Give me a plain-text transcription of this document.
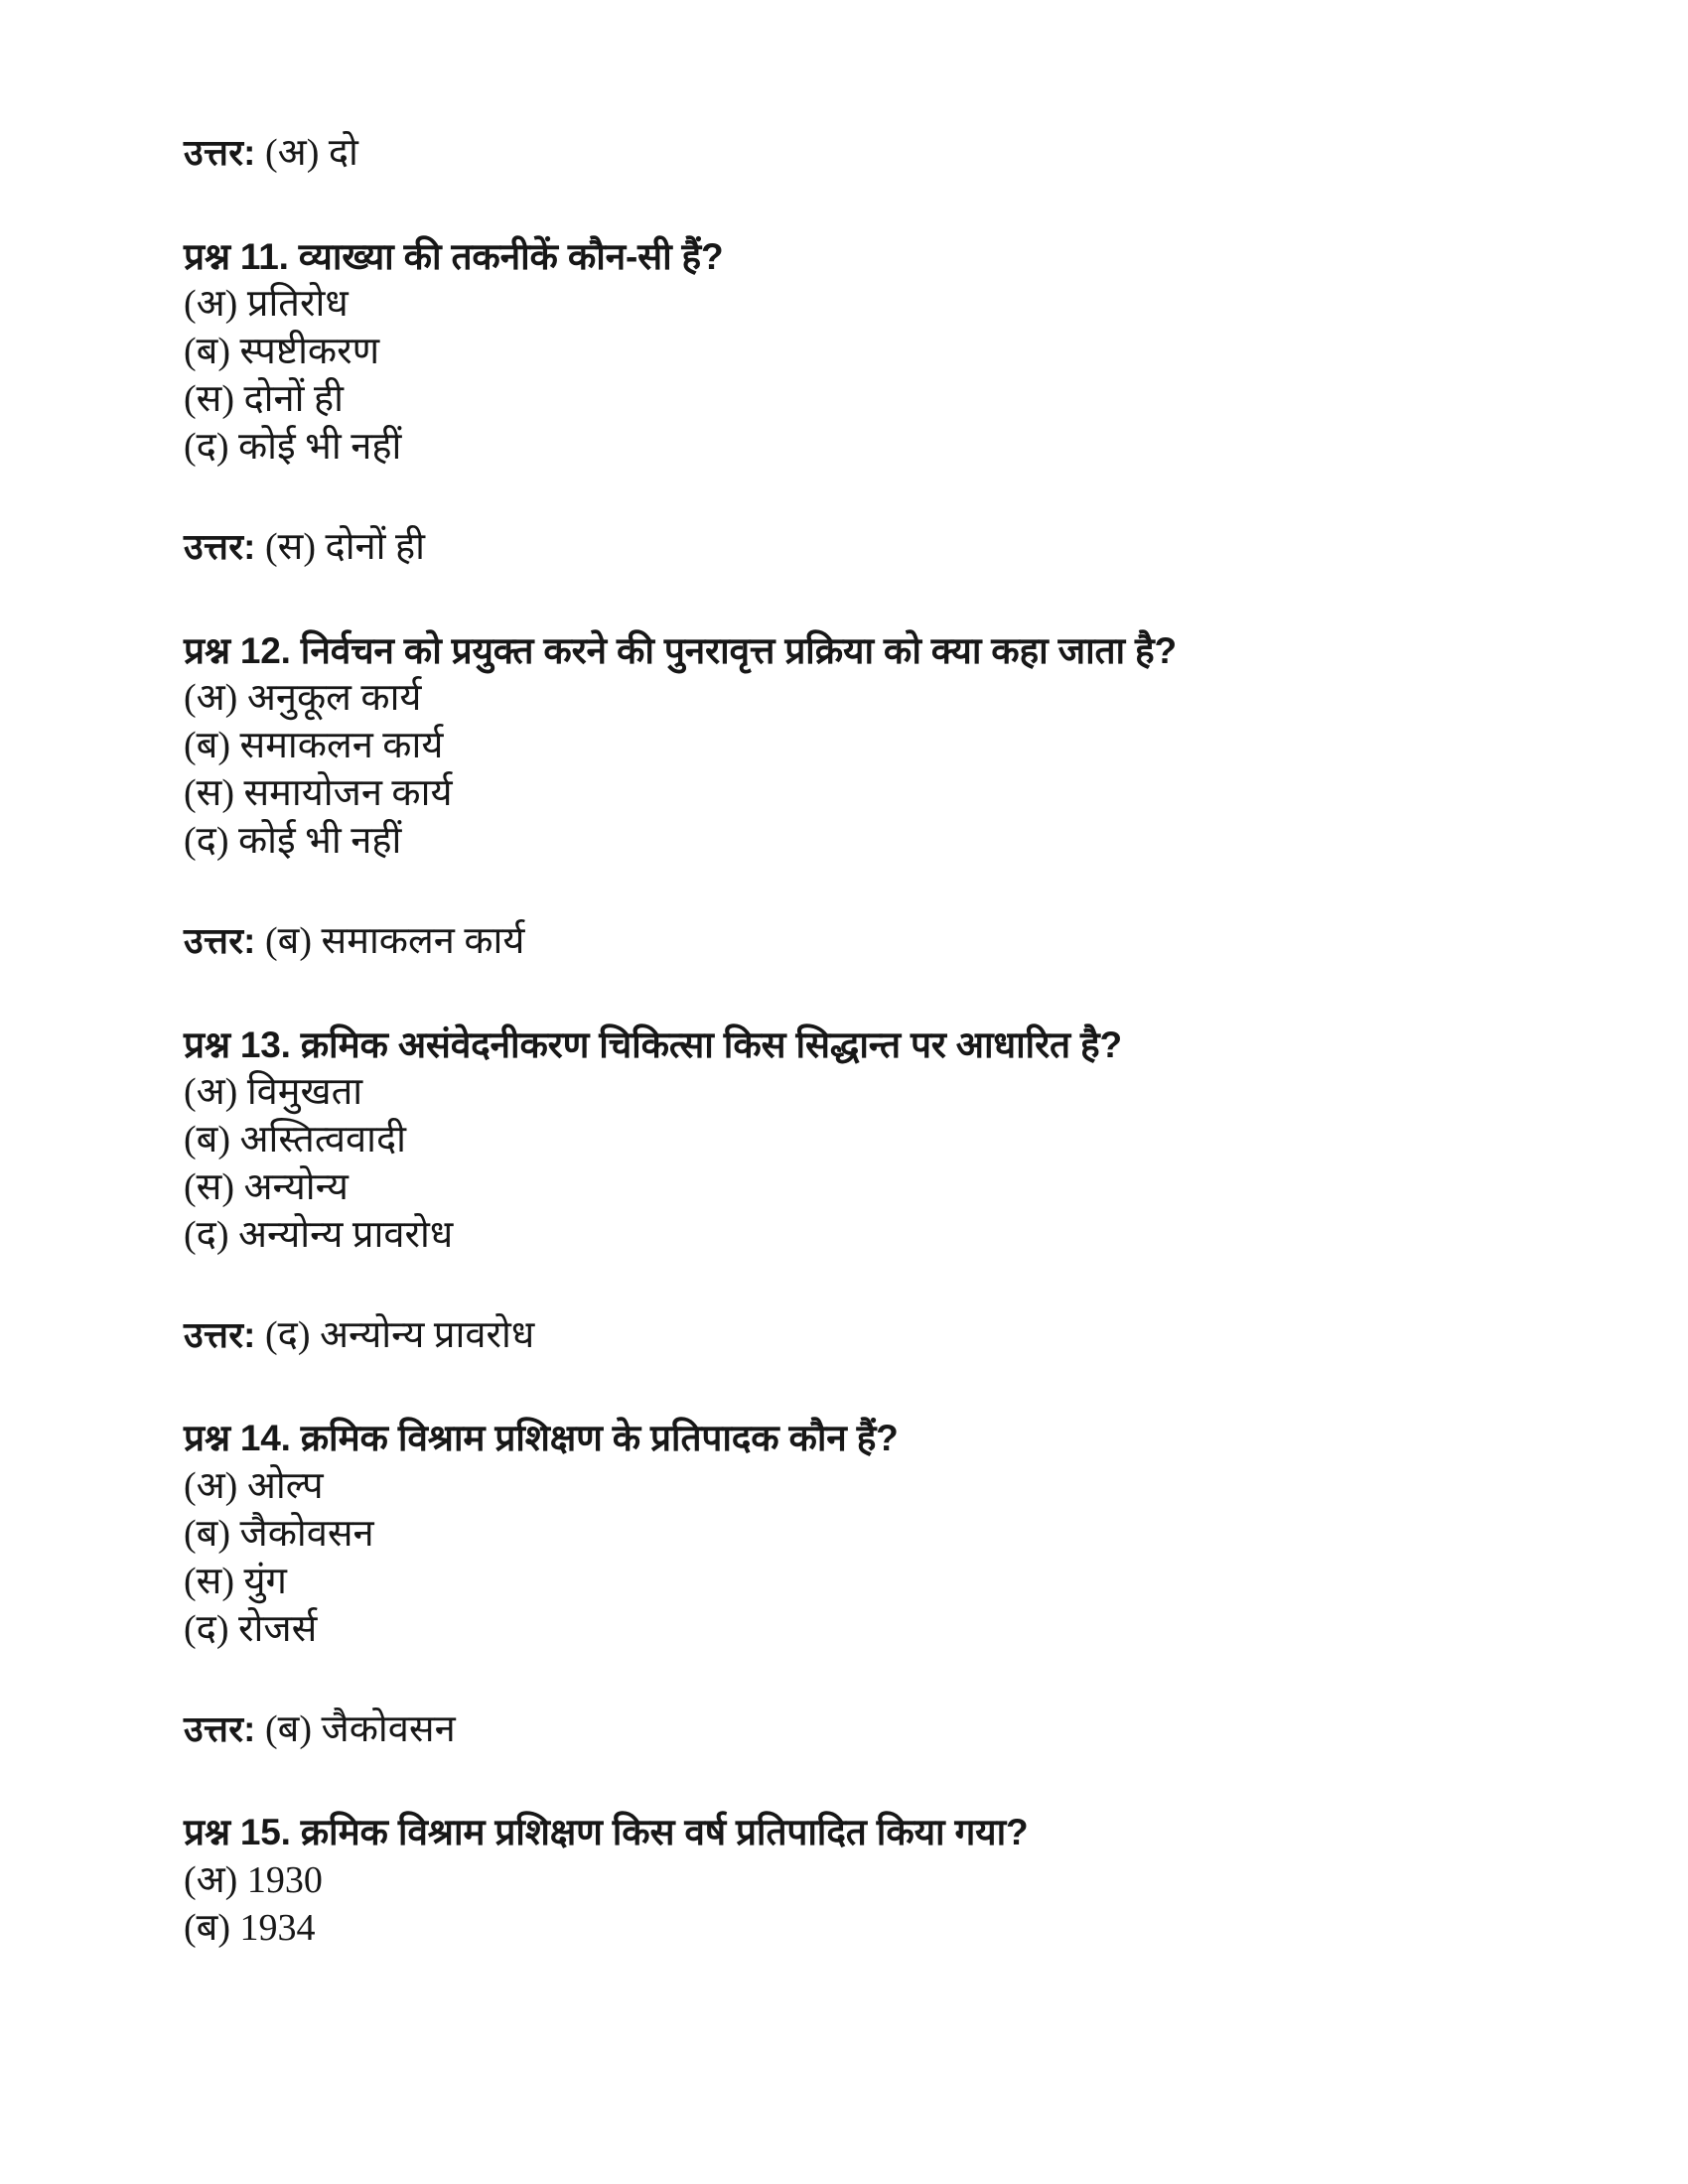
उत्तर: (अ) दो

प्रश्न 11. व्याख्या की तकनीकें कौन-सी हैं?

(अ) प्रतिरोध
(ब) स्पष्टीकरण
(स) दोनों ही
(द) कोई भी नहीं

उत्तर: (स) दोनों ही

प्रश्न 12. निर्वचन को प्रयुक्त करने की पुनरावृत्त प्रक्रिया को क्या कहा जाता है?

(अ) अनुकूल कार्य
(ब) समाकलन कार्य
(स) समायोजन कार्य
(द) कोई भी नहीं

उत्तर: (ब) समाकलन कार्य

प्रश्न 13. क्रमिक असंवेदनीकरण चिकित्सा किस सिद्धान्त पर आधारित है?

(अ) विमुखता
(ब) अस्तित्ववादी
(स) अन्योन्य
(द) अन्योन्य प्रावरोध

उत्तर: (द) अन्योन्य प्रावरोध

प्रश्न 14. क्रमिक विश्राम प्रशिक्षण के प्रतिपादक कौन हैं?

(अ) ओल्प
(ब) जैकोवसन
(स) युंग
(द) रोजर्स

उत्तर: (ब) जैकोवसन

प्रश्न 15. क्रमिक विश्राम प्रशिक्षण किस वर्ष प्रतिपादित किया गया?

(अ) 1930
(ब) 1934
